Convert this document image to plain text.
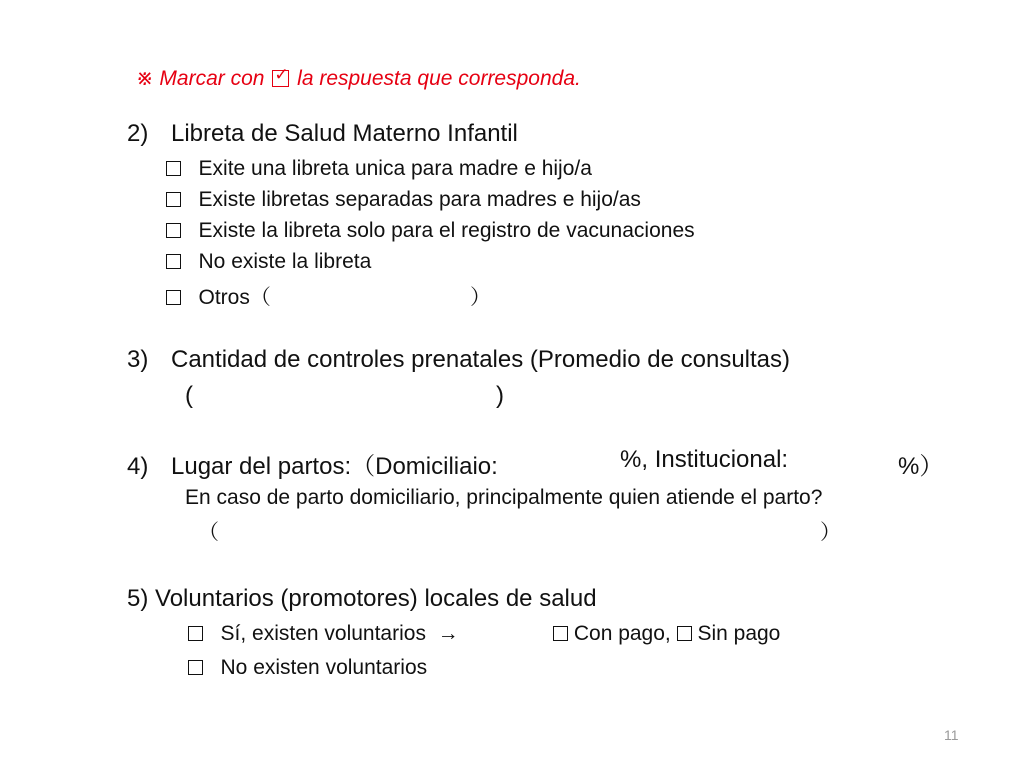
※ Marcar con ✓ la respuesta que corresponda.
2) Libreta de Salud Materno Infantil
Exite una libreta unica para madre e hijo/a
Existe libretas separadas para madres e hijo/as
Existe la libreta solo para el registro de vacunaciones
No existe la libreta
Otros（	）
3) Cantidad de controles prenatales (Promedio de consultas)
(	)
4) Lugar del partos:（Domiciliaio:	%, Institucional:	%）
En caso de parto domiciliario, principalmente quien atiende el parto?
（	）
5) Voluntarios (promotores) locales de salud
Sí, existen voluntarios →	Con pago, Sin pago
No existen voluntarios
11
